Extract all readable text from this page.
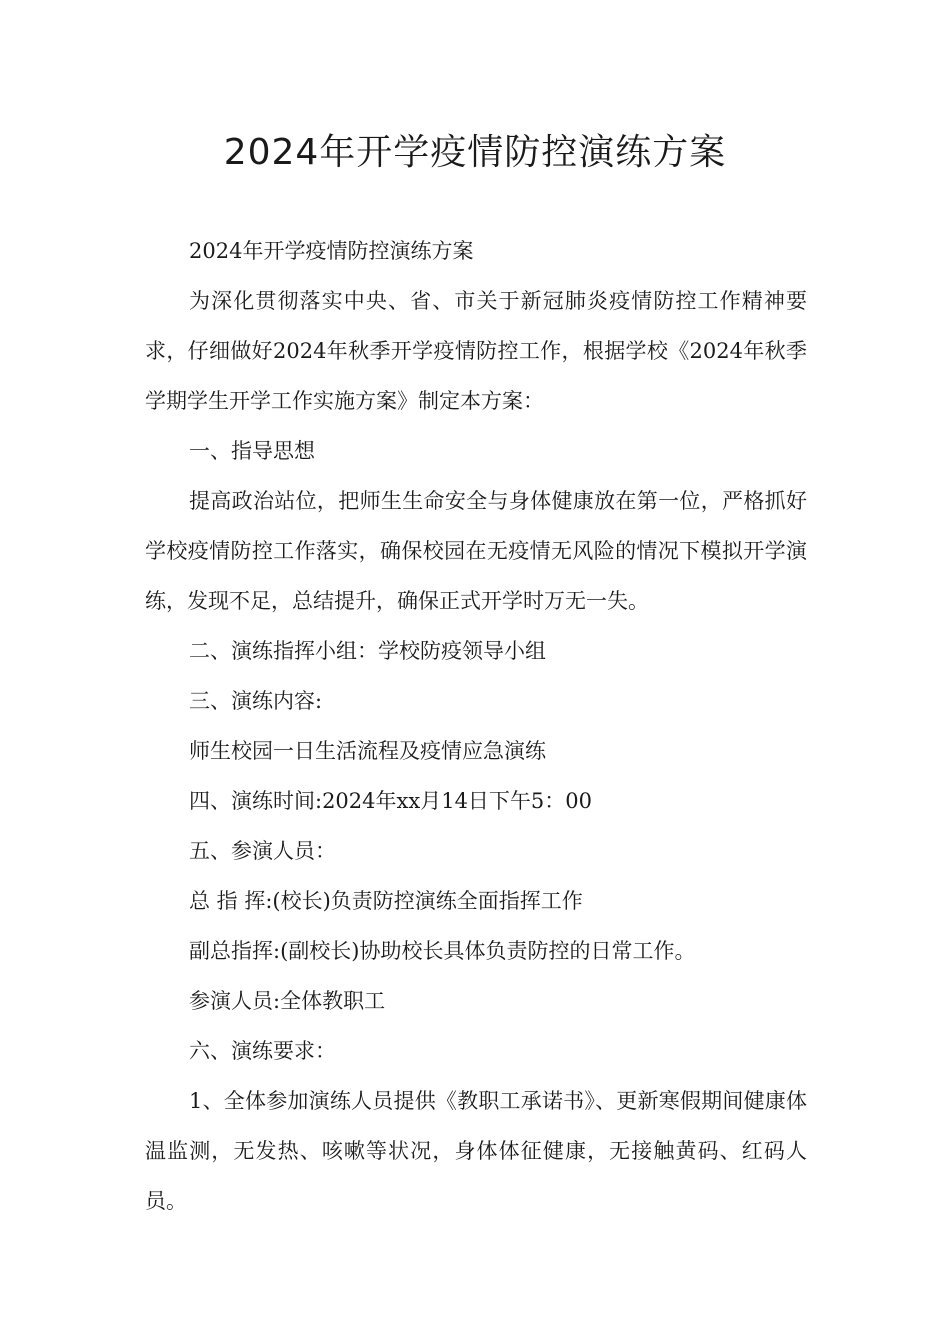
2024年开学疫情防控演练方案

2024年开学疫情防控演练方案

为深化贯彻落实中央、省、市关于新冠肺炎疫情防控工作精神要求，仔细做好2024年秋季开学疫情防控工作，根据学校《2024年秋季学期学生开学工作实施方案》制定本方案：

一、指导思想

提高政治站位，把师生生命安全与身体健康放在第一位，严格抓好学校疫情防控工作落实，确保校园在无疫情无风险的情况下模拟开学演练，发现不足，总结提升，确保正式开学时万无一失。

二、演练指挥小组：学校防疫领导小组

三、演练内容:

师生校园一日生活流程及疫情应急演练

四、演练时间:2024年xx月14日下午5：00

五、参演人员：

总 指 挥:(校长)负责防控演练全面指挥工作

副总指挥:(副校长)协助校长具体负责防控的日常工作。

参演人员:全体教职工

六、演练要求：

1、全体参加演练人员提供《教职工承诺书》、更新寒假期间健康体温监测，无发热、咳嗽等状况，身体体征健康，无接触黄码、红码人员。
